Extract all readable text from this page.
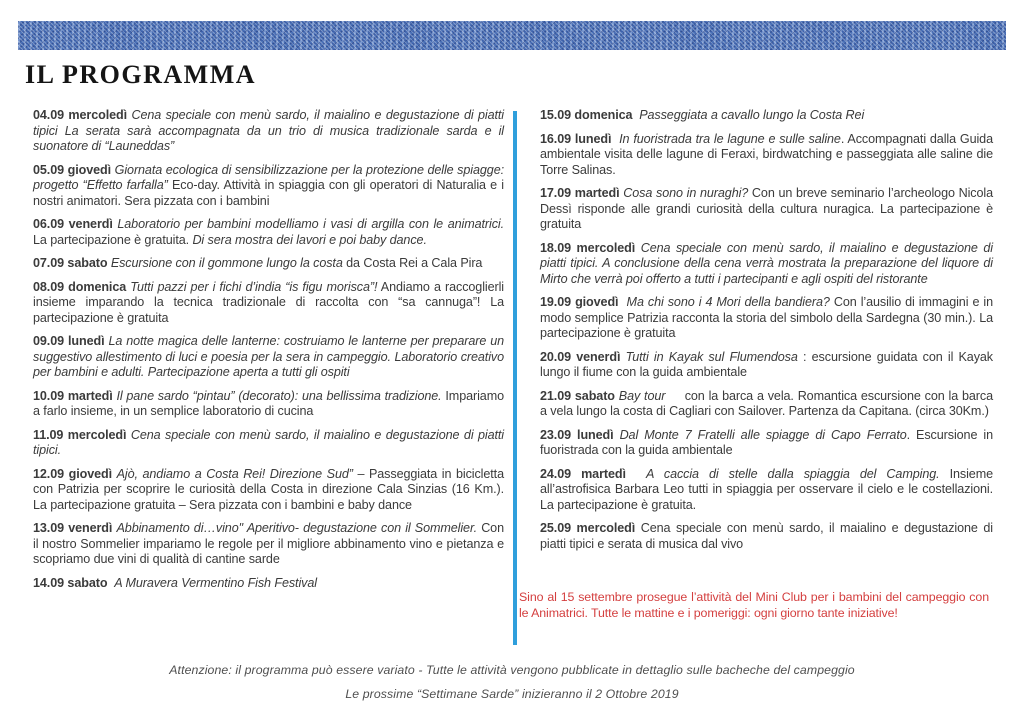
IL PROGRAMMA

04.09 mercoledì Cena speciale con menù sardo, il maialino e degustazione di piatti tipici La serata sarà accompagnata da un trio di musica tradizionale sarda e il suonatore di “Launeddas”

05.09 giovedì Giornata ecologica di sensibilizzazione per la protezione delle spiagge: progetto “Effetto farfalla” Eco-day. Attività in spiaggia con gli operatori di Naturalia e i nostri animatori. Sera pizzata con i bambini

06.09 venerdì Laboratorio per bambini modelliamo i vasi di argilla con le animatrici. La partecipazione è gratuita. Di sera mostra dei lavori e poi baby dance.

07.09 sabato Escursione con il gommone lungo la costa da Costa Rei a Cala Pira

08.09 domenica Tutti pazzi per i fichi d’india “is figu morisca”! Andiamo a raccoglierli insieme imparando la tecnica tradizionale di raccolta con “sa cannuga”! La partecipazione è gratuita

09.09 lunedì La notte magica delle lanterne: costruiamo le lanterne per preparare un suggestivo allestimento di luci e poesia per la sera in campeggio. Laboratorio creativo per bambini e adulti. Partecipazione aperta a tutti gli ospiti

10.09 martedì Il pane sardo “pintau” (decorato): una bellissima tradizione. Impariamo a farlo insieme, in un semplice laboratorio di cucina

11.09 mercoledì Cena speciale con menù sardo, il maialino e degustazione di piatti tipici.

12.09 giovedì Ajò, andiamo a Costa Rei! Direzione Sud” – Passeggiata in bicicletta con Patrizia per scoprire le curiosità della Costa in direzione Cala Sinzias (16 Km.). La partecipazione gratuita – Sera pizzata con i bambini e baby dance

13.09 venerdì Abbinamento di…vino" Aperitivo- degustazione con il Sommelier. Con il nostro Sommelier impariamo le regole per il migliore abbinamento vino e pietanza e scopriamo due vini di qualità di cantine sarde

14.09 sabato  A Muravera Vermentino Fish Festival

15.09 domenica  Passeggiata a cavallo lungo la Costa Rei

16.09 lunedì  In fuoristrada tra le lagune e sulle saline. Accompagnati dalla Guida ambientale visita delle lagune di Feraxi, birdwatching e passeggiata alle saline die Torre Salinas.

17.09 martedì Cosa sono in nuraghi? Con un breve seminario l’archeologo Nicola Dessì risponde alle grandi curiosità della cultura nuragica. La partecipazione è gratuita

18.09 mercoledì Cena speciale con menù sardo, il maialino e degustazione di piatti tipici. A conclusione della cena verrà mostrata la preparazione del liquore di Mirto che verrà poi offerto a tutti i partecipanti e agli ospiti del ristorante

19.09 giovedì  Ma chi sono i 4 Mori della bandiera? Con l’ausilio di immagini e in modo semplice Patrizia racconta la storia del simbolo della Sardegna (30 min.). La partecipazione è gratuita

20.09 venerdì Tutti in Kayak sul Flumendosa : escursione guidata con il Kayak lungo il fiume con la guida ambientale

21.09 sabato Bay tour     con la barca a vela. Romantica escursione con la barca a vela lungo la costa di Cagliari con Sailover. Partenza da Capitana. (circa 30Km.)

23.09 lunedì Dal Monte 7 Fratelli alle spiagge di Capo Ferrato. Escursione in fuoristrada con la guida ambientale

24.09 martedì  A caccia di stelle dalla spiaggia del Camping. Insieme all’astrofisica Barbara Leo tutti in spiaggia per osservare il cielo e le costellazioni. La partecipazione è gratuita.

25.09 mercoledì Cena speciale con menù sardo, il maialino e degustazione di piatti tipici e serata di musica dal vivo

Sino al 15 settembre prosegue l’attività del Mini Club per i bambini del campeggio con le Animatrici. Tutte le mattine e i pomeriggi: ogni giorno tante iniziative!

Attenzione: il programma può essere variato - Tutte le attività vengono pubblicate in dettaglio sulle bacheche del campeggio

Le prossime “Settimane Sarde” inizieranno il 2 Ottobre 2019
